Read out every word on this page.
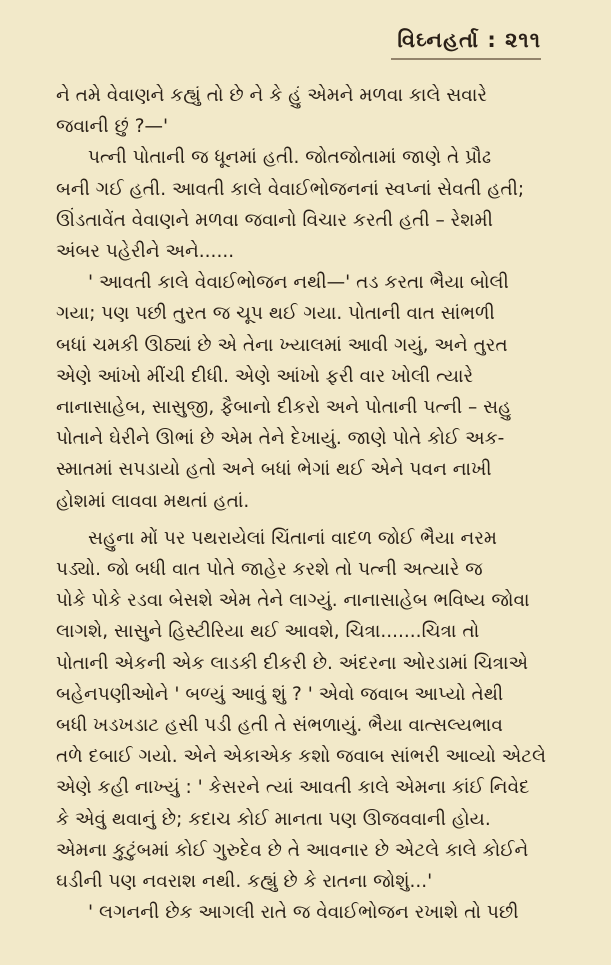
વિઘ્નહર્તા : ૨૧૧
ને તમે વેવાણને કહ્યું તો છે ને કે હું એમને મળવા કાલે સવારે
જવાની છું ?—'
પત્ની પોતાની જ ધૂનમાં હતી. જોતજોતામાં જાણે તે પ્રૌઢ
બની ગઈ હતી. આવતી કાલે વેવાઈભોજનનાં સ્વપ્નાં સેવતી હતી;
ઊંડતાવેંત વેવાણને મળવા જવાનો વિચાર કરતી હતી – રેશમી
અંબર પહેરીને અને......
' આવતી કાલે વેવાઈભોજન નથી—' તડ કરતા ભૈયા બોલી
ગયા; પણ પછી તુરત જ ચૂપ થઈ ગયા. પોતાની વાત સાંભળી
બધાં ચમકી ઊઠ્યાં છે એ તેના ખ્યાલમાં આવી ગયું, અને તુરત
એણે આંખો મીંચી દીધી. એણે આંખો ફરી વાર ખોલી ત્યારે
નાનાસાહેબ, સાસુજી, ફૈબાનો દીકરો અને પોતાની પત્ની – સહુ
પોતાને ઘેરીને ઊભાં છે એમ તેને દેખાયું. જાણે પોતે કોઈ અક-
સ્માતમાં સપડાયો હતો અને બધાં ભેગાં થઈ એને પવન નાખી
હોશમાં લાવવા મથતાં હતાં.
સહુના મોં પર પથરાયેલાં ચિંતાનાં વાદળ જોઈ ભૈયા નરમ
પડ્યો. જો બધી વાત પોતે જાહેર કરશે તો પત્ની અત્યારે જ
પોકે પોકે રડવા બેસશે એમ તેને લાગ્યું. નાનાસાહેબ ભવિષ્ય જોવા
લાગશે, સાસુને હિસ્ટીરિયા થઈ આવશે, ચિત્રા.......ચિત્રા તો
પોતાની એકની એક લાડકી દીકરી છે. અંદરના ઓરડામાં ચિત્રાએ
બહેનપણીઓને ' બળ્યું આવું શું ? ' એવો જવાબ આપ્યો તેથી
બધી ખડખડાટ હસી પડી હતી તે સંભળાયું. ભૈયા વાત્સલ્યભાવ
તળે દબાઈ ગયો. એને એકાએક કશો જવાબ સાંભરી આવ્યો એટલે
એણે કહી નાખ્યું : ' કેસરને ત્યાં આવતી કાલે એમના કાંઈ નિવેદ
કે એવું થવાનું છે; કદાચ કોઈ માનતા પણ ઊજવવાની હોય.
એમના કુટુંબમાં કોઈ ગુરુદેવ છે તે આવનાર છે એટલે કાલે કોઈને
ઘડીની પણ નવરાશ નથી. કહ્યું છે કે રાતના જોશું...'
' લગનની છેક આગલી રાતે જ વેવાઈભોજન રખાશે તો પછી
